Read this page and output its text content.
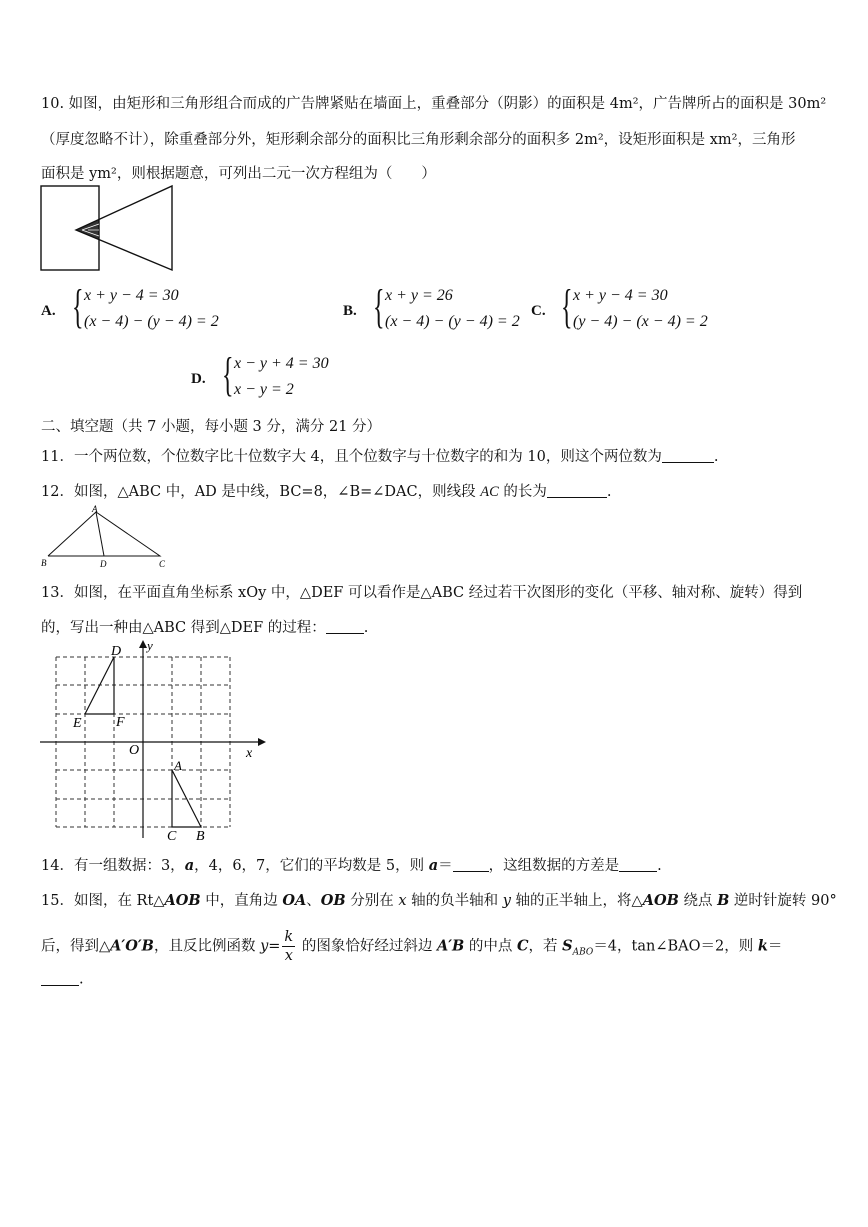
10. 如图，由矩形和三角形组合而成的广告牌紧贴在墙面上，重叠部分（阴影）的面积是 4m²，广告牌所占的面积是 30m²
（厚度忽略不计），除重叠部分外，矩形剩余部分的面积比三角形剩余部分的面积多 2m²，设矩形面积是 xm²，三角形
面积是 ym²，则根据题意，可列出二元一次方程组为（　　）
A. { x + y − 4 = 30
(x − 4) − (y − 4) = 2
B. { x + y = 26
(x − 4) − (y − 4) = 2
C. { x + y − 4 = 30
(y − 4) − (x − 4) = 2
D. { x − y + 4 = 30
x − y = 2
二、填空题（共 7 小题，每小题 3 分，满分 21 分）
11．一个两位数，个位数字比十位数字大 4，且个位数字与十位数字的和为 10，则这个两位数为	.
12．如图，△ABC 中，AD 是中线，BC=8，∠B=∠DAC，则线段 AC 的长为	.
A
B	D	C
13．如图，在平面直角坐标系 xOy 中，△DEF 可以看作是△ABC 经过若干次图形的变化（平移、轴对称、旋转）得到
的，写出一种由△ABC 得到△DEF 的过程：	.
D
E F
O
A
C B
x
y
14．有一组数据：3，a，4，6，7，它们的平均数是 5，则 a＝ ，这组数据的方差是	.
15．如图，在 Rt△AOB 中，直角边 OA、OB 分别在 x 轴的负半轴和 y 轴的正半轴上，将△AOB 绕点 B 逆时针旋转 90°
后，得到△A′O′B，且反比例函数 $y= \frac{k}{x}$ 的图象恰好经过斜边 A′B 的中点 C，若 $S_{ABO}=4$，tan∠BAO＝2，则 k＝
.
